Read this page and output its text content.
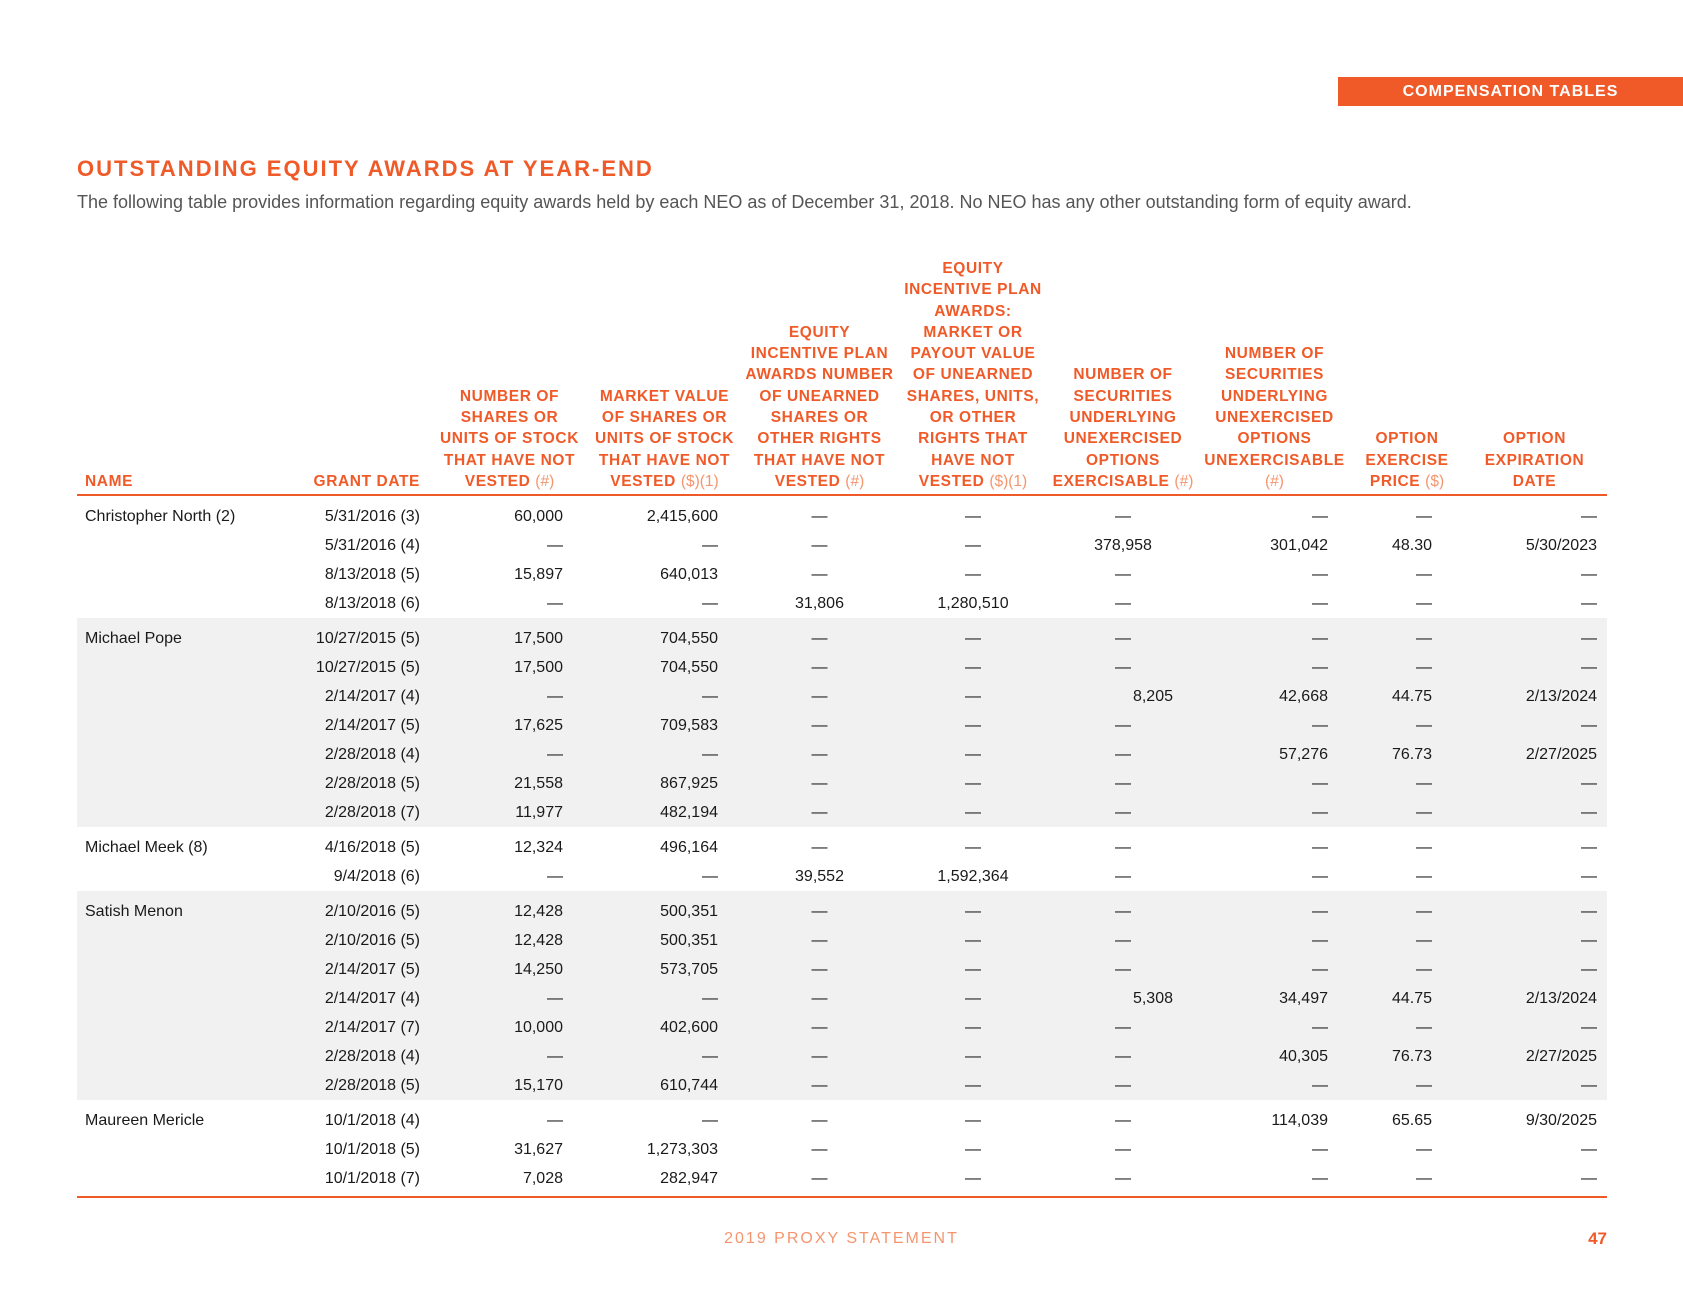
COMPENSATION TABLES
OUTSTANDING EQUITY AWARDS AT YEAR-END

The following table provides information regarding equity awards held by each NEO as of December 31, 2018. No NEO has any other outstanding form of equity award.

NAME	GRANT DATE	NUMBER OF SHARES OR UNITS OF STOCK THAT HAVE NOT VESTED (#)	MARKET VALUE OF SHARES OR UNITS OF STOCK THAT HAVE NOT VESTED ($)(1)	EQUITY INCENTIVE PLAN AWARDS NUMBER OF UNEARNED SHARES OR OTHER RIGHTS THAT HAVE NOT VESTED (#)	EQUITY INCENTIVE PLAN AWARDS: MARKET OR PAYOUT VALUE OF UNEARNED SHARES, UNITS, OR OTHER RIGHTS THAT HAVE NOT VESTED ($)(1)	NUMBER OF SECURITIES UNDERLYING UNEXERCISED OPTIONS EXERCISABLE (#)	NUMBER OF SECURITIES UNDERLYING UNEXERCISED OPTIONS UNEXERCISABLE (#)	OPTION EXERCISE PRICE ($)	OPTION EXPIRATION DATE
Christopher North (2)	5/31/2016 (3)	60,000	2,415,600	—	—	—	—	—	—
	5/31/2016 (4)	—	—	—	—	378,958	301,042	48.30	5/30/2023
	8/13/2018 (5)	15,897	640,013	—	—	—	—	—	—
	8/13/2018 (6)	—	—	31,806	1,280,510	—	—	—	—
Michael Pope	10/27/2015 (5)	17,500	704,550	—	—	—	—	—	—
	10/27/2015 (5)	17,500	704,550	—	—	—	—	—	—
	2/14/2017 (4)	—	—	—	—	8,205	42,668	44.75	2/13/2024
	2/14/2017 (5)	17,625	709,583	—	—	—	—	—	—
	2/28/2018 (4)	—	—	—	—	—	57,276	76.73	2/27/2025
	2/28/2018 (5)	21,558	867,925	—	—	—	—	—	—
	2/28/2018 (7)	11,977	482,194	—	—	—	—	—	—
Michael Meek (8)	4/16/2018 (5)	12,324	496,164	—	—	—	—	—	—
	9/4/2018 (6)	—	—	39,552	1,592,364	—	—	—	—
Satish Menon	2/10/2016 (5)	12,428	500,351	—	—	—	—	—	—
	2/10/2016 (5)	12,428	500,351	—	—	—	—	—	—
	2/14/2017 (5)	14,250	573,705	—	—	—	—	—	—
	2/14/2017 (4)	—	—	—	—	5,308	34,497	44.75	2/13/2024
	2/14/2017 (7)	10,000	402,600	—	—	—	—	—	—
	2/28/2018 (4)	—	—	—	—	—	40,305	76.73	2/27/2025
	2/28/2018 (5)	15,170	610,744	—	—	—	—	—	—
Maureen Mericle	10/1/2018 (4)	—	—	—	—	—	114,039	65.65	9/30/2025
	10/1/2018 (5)	31,627	1,273,303	—	—	—	—	—	—
	10/1/2018 (7)	7,028	282,947	—	—	—	—	—	—
2019 PROXY STATEMENT	47
